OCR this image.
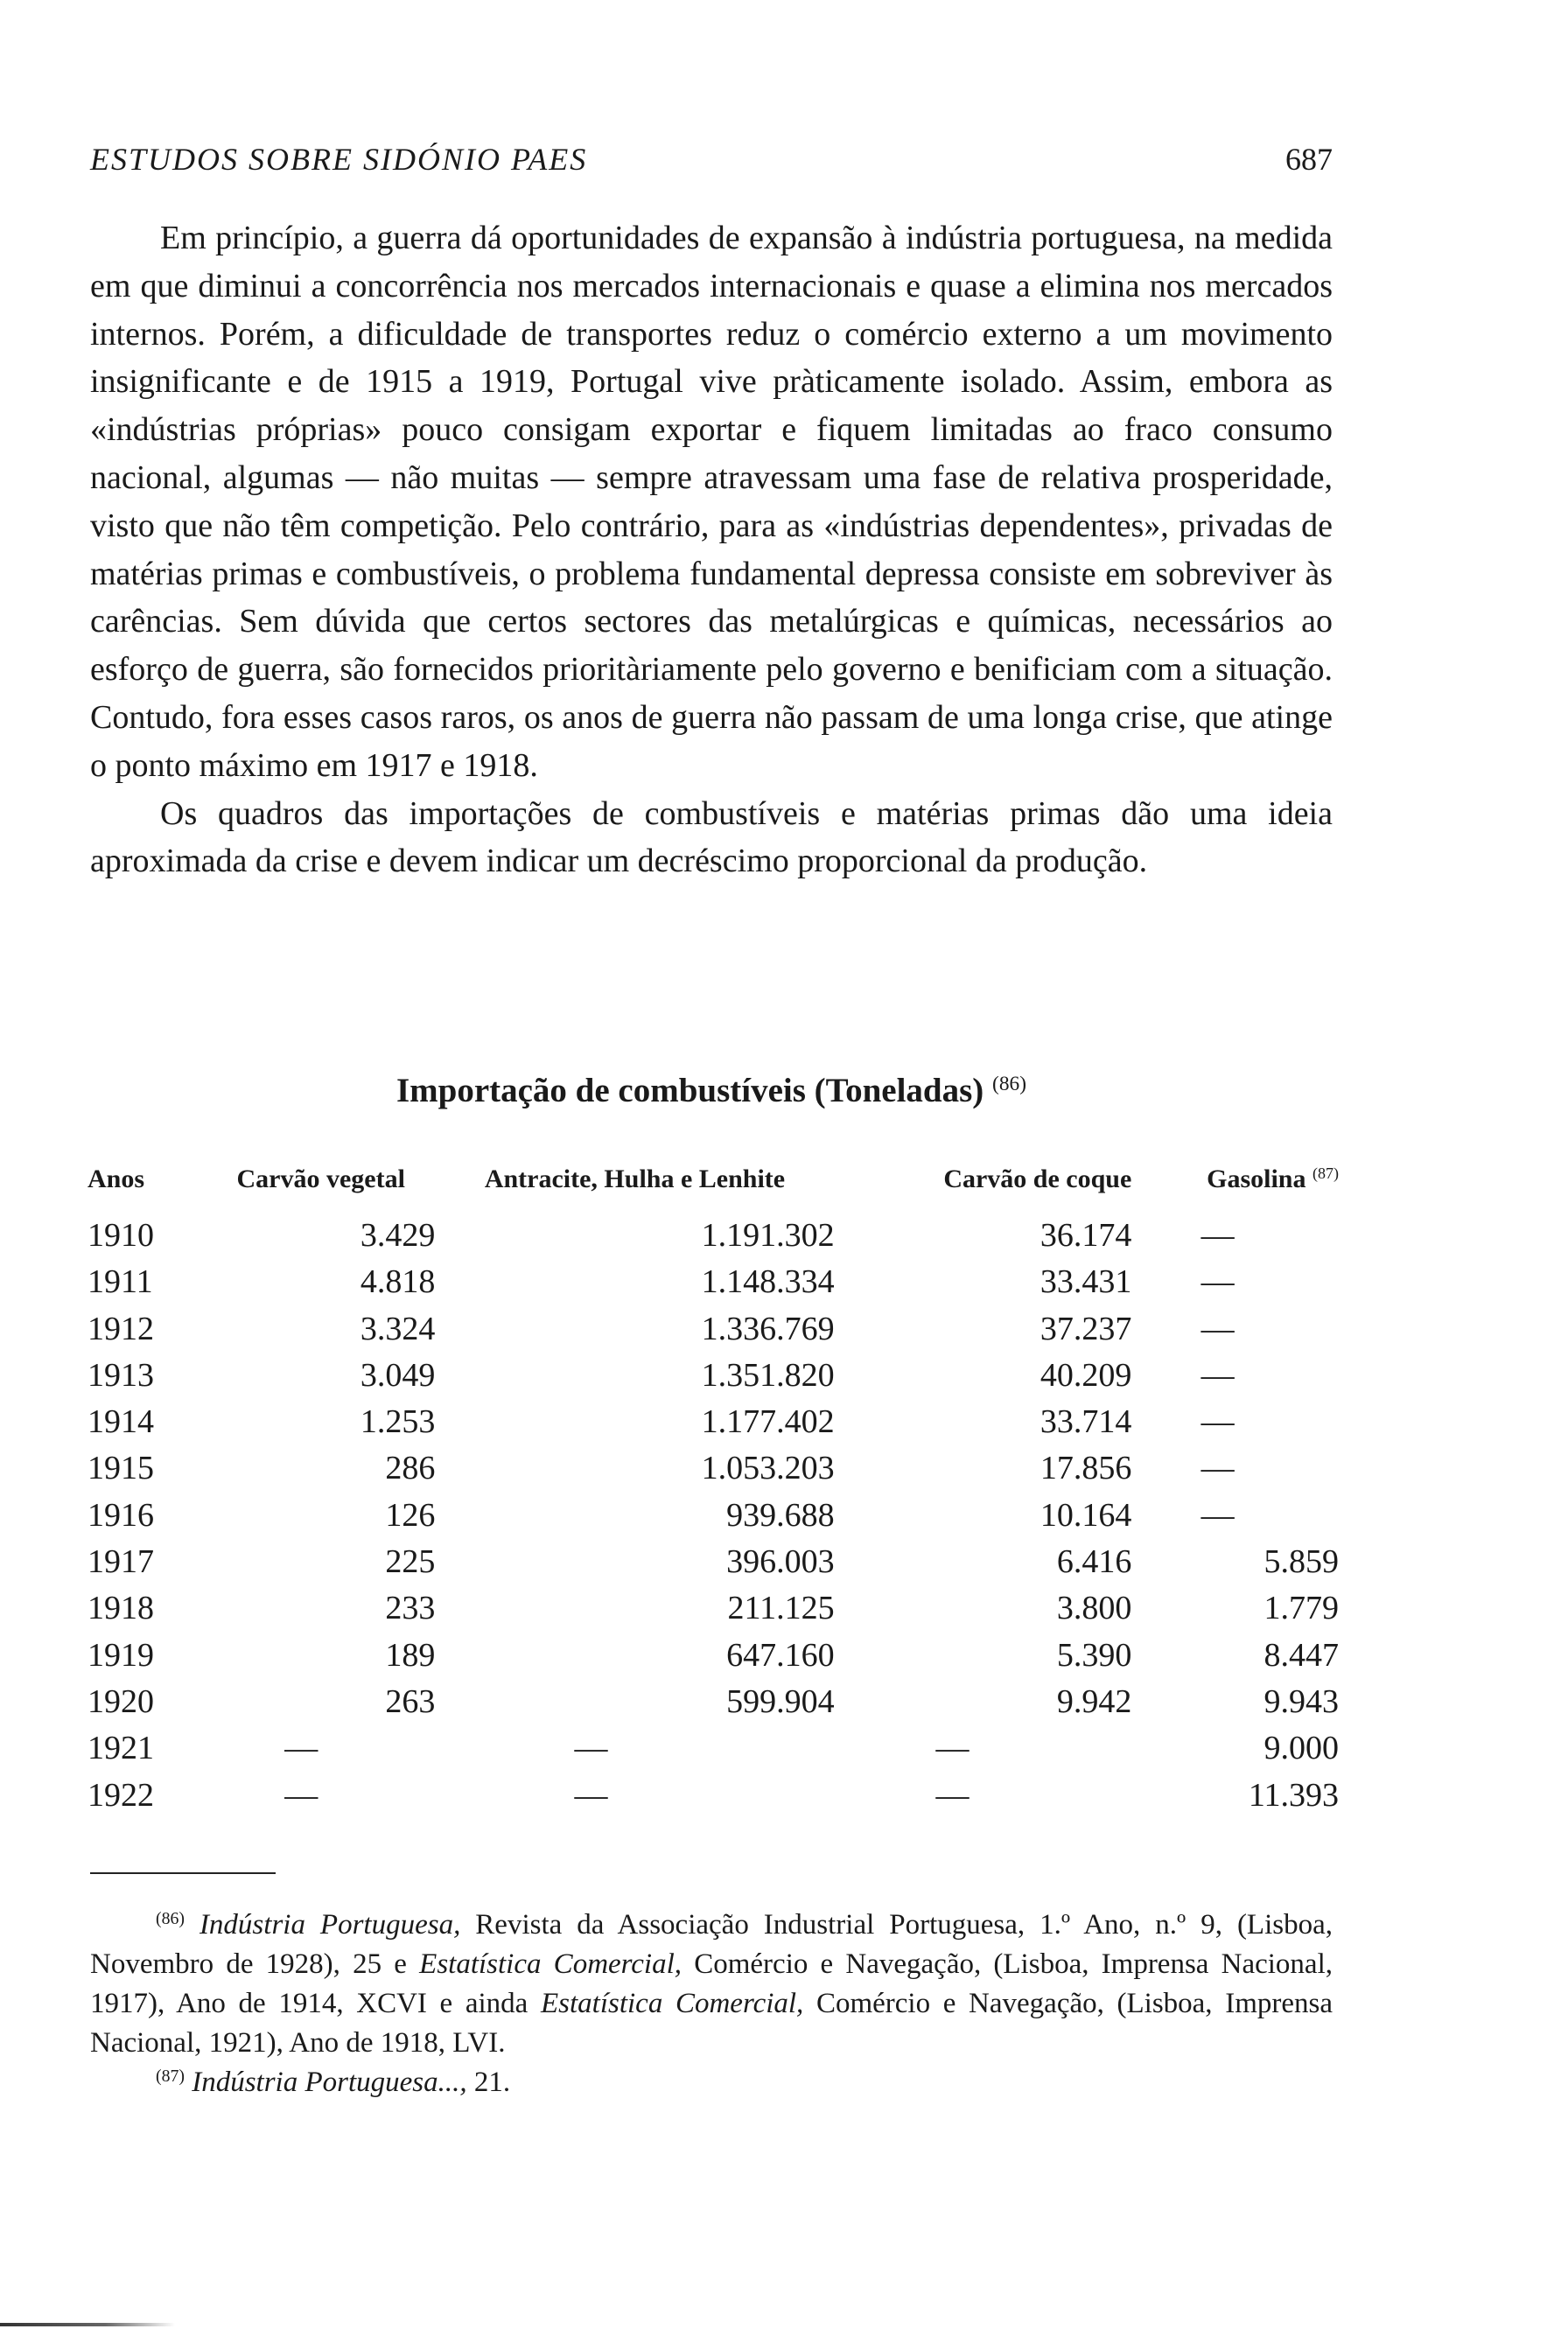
ESTUDOS SOBRE SIDÓNIO PAES	687

Em princípio, a guerra dá oportunidades de expansão à indústria portuguesa, na medida em que diminui a concorrência nos mercados internacionais e quase a elimina nos mercados internos. Porém, a dificuldade de transportes reduz o comércio externo a um movimento insignificante e de 1915 a 1919, Portugal vive pràticamente isolado. Assim, embora as «indústrias próprias» pouco consigam exportar e fiquem limitadas ao fraco consumo nacional, algumas — não muitas — sempre atravessam uma fase de relativa prosperidade, visto que não têm competição. Pelo contrário, para as «indústrias dependentes», privadas de matérias primas e combustíveis, o problema fundamental depressa consiste em sobreviver às carências. Sem dúvida que certos sectores das metalúrgicas e químicas, necessários ao esforço de guerra, são fornecidos prioritàriamente pelo governo e benificiam com a situação. Contudo, fora esses casos raros, os anos de guerra não passam de uma longa crise, que atinge o ponto máximo em 1917 e 1918.

Os quadros das importações de combustíveis e matérias primas dão uma ideia aproximada da crise e devem indicar um decréscimo proporcional da produção.

Importação de combustíveis (Toneladas) $^{(86)}$
Anos	Carvão vegetal	Antracite, Hulha e Lenhite	Carvão de coque	Gasolina $^{(87)}$
1910	3.429	1.191.302	36.174	—
1911	4.818	1.148.334	33.431	—
1912	3.324	1.336.769	37.237	—
1913	3.049	1.351.820	40.209	—
1914	1.253	1.177.402	33.714	—
1915	286	1.053.203	17.856	—
1916	126	939.688	10.164	—
1917	225	396.003	6.416	5.859
1918	233	211.125	3.800	1.779
1919	189	647.160	5.390	8.447
1920	263	599.904	9.942	9.943
1921	—	—	—	9.000
1922	—	—	—	11.393

$^{(86)}$ Indústria Portuguesa, Revista da Associação Industrial Portuguesa, 1.º Ano, n.º 9, (Lisboa, Novembro de 1928), 25 e Estatística Comercial, Comércio e Navegação, (Lisboa, Imprensa Nacional, 1917), Ano de 1914, XCVI e ainda Estatística Comercial, Comércio e Navegação, (Lisboa, Imprensa Nacional, 1921), Ano de 1918, LVI.

$^{(87)}$ Indústria Portuguesa..., 21.
